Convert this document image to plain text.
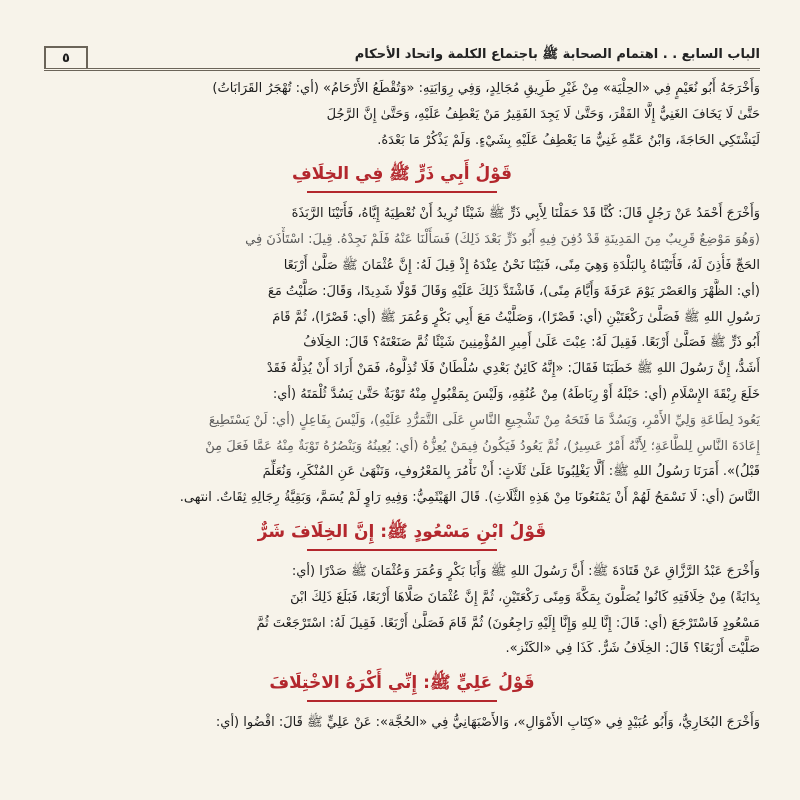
الباب السابع . . اهتمام الصحابة ﷺ باجتماع الكلمة واتحاد الأحكام
٥

وَأَخْرَجَهُ أَبُو نُعَيْمٍ فِي «الحِلْيَة» مِنْ غَيْرِ طَرِيقِ مُجَالِدٍ، وَفِي رِوَايَتِهِ: «وَتُقْطَعُ الأَرْحَامُ» (أي: تُهْجَرُ القَرَابَاتُ)
حَتَّىٰ لَا يَخَافَ الغَنِيُّ إِلَّا الفَقْرَ، وَحَتَّىٰ لَا يَجِدَ الفَقِيرُ مَنْ يَعْطِفُ عَلَيْهِ، وَحَتَّىٰ إِنَّ الرَّجُلَ
لَيَشْتَكِي الحَاجَةَ، وَابْنُ عَمِّهِ غَنِيٌّ مَا يَعْطِفُ عَلَيْهِ بِشَيْءٍ. وَلَمْ يَذْكُرْ مَا بَعْدَهُ.

قَوْلُ أَبِي ذَرٍّ ﷺ فِي الخِلَافِ

وَأَخْرَجَ أَحْمَدُ عَنْ رَجُلٍ قَالَ: كُنَّا قَدْ حَمَلْنَا لِأَبِي ذَرٍّ ﷺ شَيْئًا نُرِيدُ أَنْ نُعْطِيَهُ إِيَّاهُ، فَأَتَيْنَا الرَّبَذَةَ
(وَهُوَ مَوْضِعٌ قَرِيبٌ مِنَ المَدِينَةِ قَدْ دُفِنَ فِيهِ أَبُو ذَرٍّ بَعْدَ ذَلِكَ) فَسَأَلْنَا عَنْهُ فَلَمْ نَجِدْهُ. قِيلَ: اسْتَأْذَنَ فِي
الحَجِّ فَأُذِنَ لَهُ، فَأَتَيْنَاهُ بِالبَلْدَةِ وَهِيَ مِنًى، فَبَيْنَا نَحْنُ عِنْدَهُ إِذْ قِيلَ لَهُ: إِنَّ عُثْمَانَ ﷺ صَلَّىٰ أَرْبَعًا
(أي: الظُّهْرَ وَالعَصْرَ يَوْمَ عَرَفَةَ وَأَيَّامَ مِنًى)، فَاشْتَدَّ ذَلِكَ عَلَيْهِ وَقَالَ قَوْلًا شَدِيدًا، وَقَالَ: صَلَّيْتُ مَعَ
رَسُولِ اللهِ ﷺ فَصَلَّىٰ رَكْعَتَيْنِ (أي: قَصْرًا)، وَصَلَّيْتُ مَعَ أَبِي بَكْرٍ وَعُمَرَ ﷺ (أي: قَصْرًا)، ثُمَّ قَامَ
أَبُو ذَرٍّ ﷺ فَصَلَّىٰ أَرْبَعًا. فَقِيلَ لَهُ: عِبْتَ عَلَىٰ أَمِيرِ المُؤْمِنِينَ شَيْئًا ثُمَّ صَنَعْتَهُ؟ قَالَ: الخِلَافُ
أَشَدُّ، إِنَّ رَسُولَ اللهِ ﷺ خَطَبَنَا فَقَالَ: «إِنَّهُ كَائِنٌ بَعْدِي سُلْطَانٌ فَلَا تُذِلُّوهُ، فَمَنْ أَرَادَ أَنْ يُذِلَّهُ فَقَدْ
خَلَعَ رِبْقَةَ الإِسْلَامِ (أي: حَبْلَهُ أَوْ رِبَاطَهُ) مِنْ عُنُقِهِ، وَلَيْسَ بِمَقْبُولٍ مِنْهُ تَوْبَةٌ حَتَّىٰ يَسُدَّ ثُلْمَتَهُ (أي:
يَعُودَ لِطَاعَةِ وَلِيِّ الأَمْرِ، وَيَسُدَّ مَا فَتَحَهُ مِنْ تَشْجِيعِ النَّاسِ عَلَى التَّمَرُّدِ عَلَيْهِ)، وَلَيْسَ بِفَاعِلٍ (أي: لَنْ يَسْتَطِيعَ
إِعَادَةَ النَّاسِ لِلطَّاعَةِ؛ لِأَنَّهُ أَمْرٌ عَسِيرٌ)، ثُمَّ يَعُودُ فَيَكُونُ فِيمَنْ يُعِزُّهُ (أي: يُعِينُهُ وَيَنْصُرُهُ تَوْبَةٌ مِنْهُ عَمَّا فَعَلَ مِنْ
قَبْلُ)». أَمَرَنَا رَسُولُ اللهِ ﷺ: أَلَّا يَغْلِبُونَا عَلَىٰ ثَلَاثٍ: أَنْ نَأْمُرَ بِالمَعْرُوفِ، وَنَنْهَىٰ عَنِ المُنْكَرِ، وَنُعَلِّمَ
النَّاسَ (أي: لَا نَسْمَحُ لَهُمْ أَنْ يَمْنَعُونَا مِنْ هَذِهِ الثَّلَاثِ). قَالَ الهَيْثَمِيُّ: وَفِيهِ رَاوٍ لَمْ يُسَمَّ، وَبَقِيَّةُ رِجَالِهِ ثِقَاتٌ. انتهى.

قَوْلُ ابْنِ مَسْعُودٍ ﷺ: إِنَّ الخِلَافَ شَرٌّ

وَأَخْرَجَ عَبْدُ الرَّزَّاقِ عَنْ قَتَادَةَ ﷺ: أَنَّ رَسُولَ اللهِ ﷺ وَأَبَا بَكْرٍ وَعُمَرَ وَعُثْمَانَ ﷺ صَدْرًا (أي:
بِدَايَةً) مِنْ خِلَافَتِهِ كَانُوا يُصَلُّونَ بِمَكَّةَ وَمِنًى رَكْعَتَيْنِ، ثُمَّ إِنَّ عُثْمَانَ صَلَّاهَا أَرْبَعًا، فَبَلَغَ ذَلِكَ ابْنَ
مَسْعُودٍ فَاسْتَرْجَعَ (أي: قَالَ: إِنَّا لِلهِ وَإِنَّا إِلَيْهِ رَاجِعُونَ) ثُمَّ قَامَ فَصَلَّىٰ أَرْبَعًا. فَقِيلَ لَهُ: اسْتَرْجَعْتَ ثُمَّ
صَلَّيْتَ أَرْبَعًا؟ قَالَ: الخِلَافُ شَرٌّ. كَذَا فِي «الكَنْز».

قَوْلُ عَلِيٍّ ﷺ: إِنِّي أَكْرَهُ الاخْتِلَافَ

وَأَخْرَجَ البُخَارِيُّ، وَأَبُو عُبَيْدٍ فِي «كِتَابِ الأَمْوَالِ»، وَالأَصْبَهَانِيُّ فِي «الحُجَّة»: عَنْ عَلِيٍّ ﷺ قَالَ: اقْضُوا (أي:
